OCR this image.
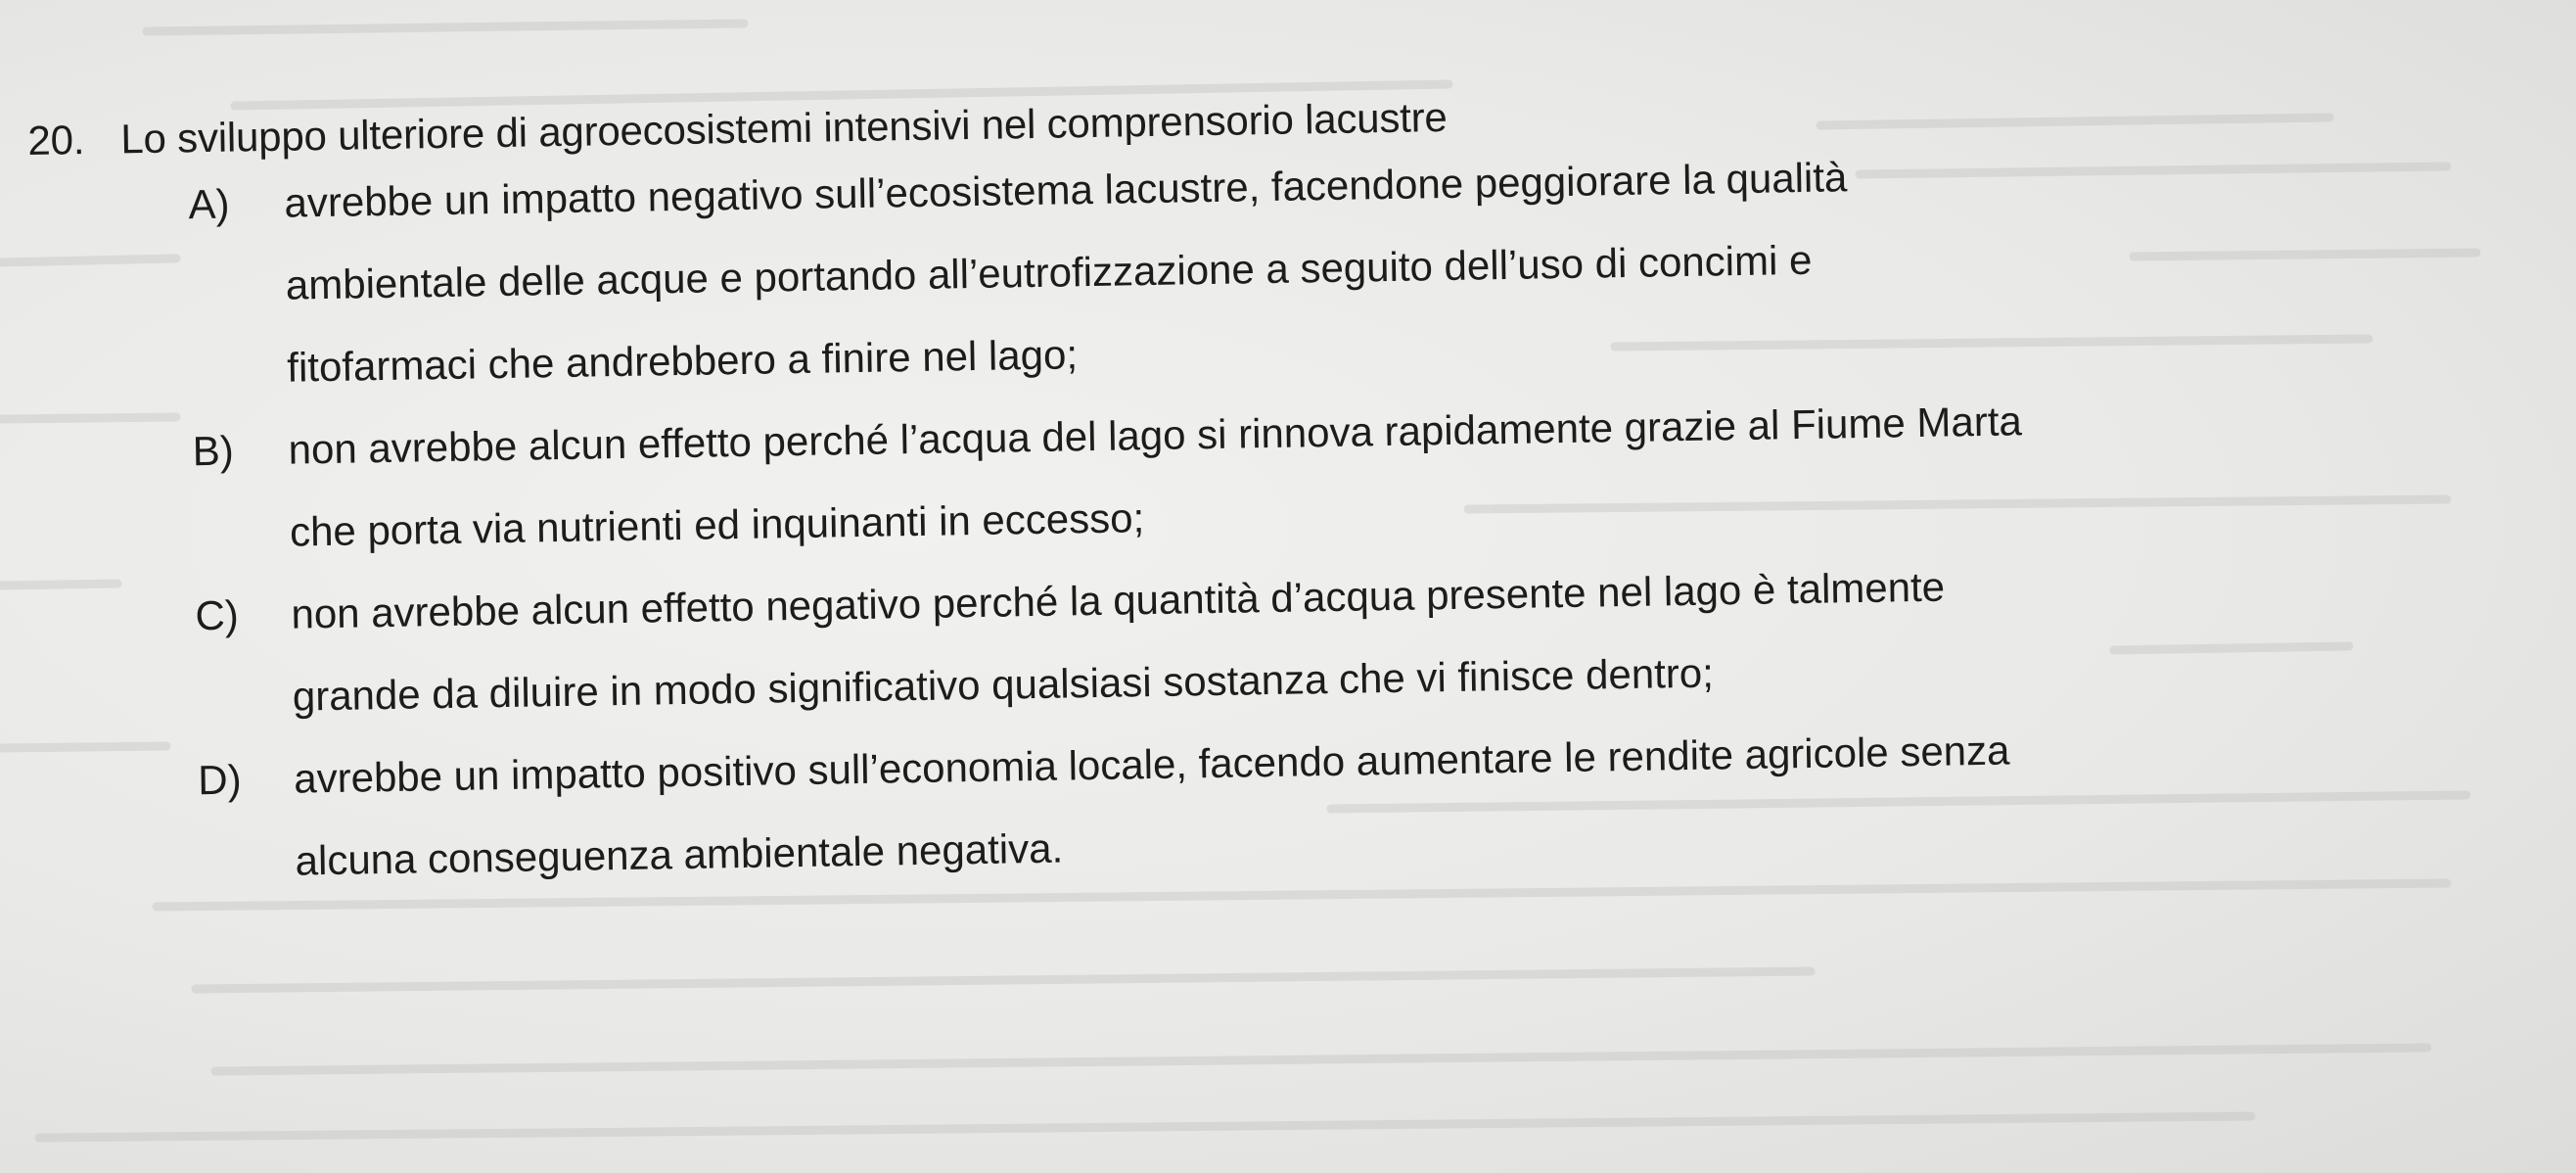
20. Lo sviluppo ulteriore di agroecosistemi intensivi nel comprensorio lacustre
A)	avrebbe un impatto negativo sull’ecosistema lacustre, facendone peggiorare la qualità
ambientale delle acque e portando all’eutrofizzazione a seguito dell’uso di concimi e
fitofarmaci che andrebbero a finire nel lago;
B)	non avrebbe alcun effetto perché l’acqua del lago si rinnova rapidamente grazie al Fiume Marta
che porta via nutrienti ed inquinanti in eccesso;
C)	non avrebbe alcun effetto negativo perché la quantità d’acqua presente nel lago è talmente
grande da diluire in modo significativo qualsiasi sostanza che vi finisce dentro;
D)	avrebbe un impatto positivo sull’economia locale, facendo aumentare le rendite agricole senza
alcuna conseguenza ambientale negativa.
